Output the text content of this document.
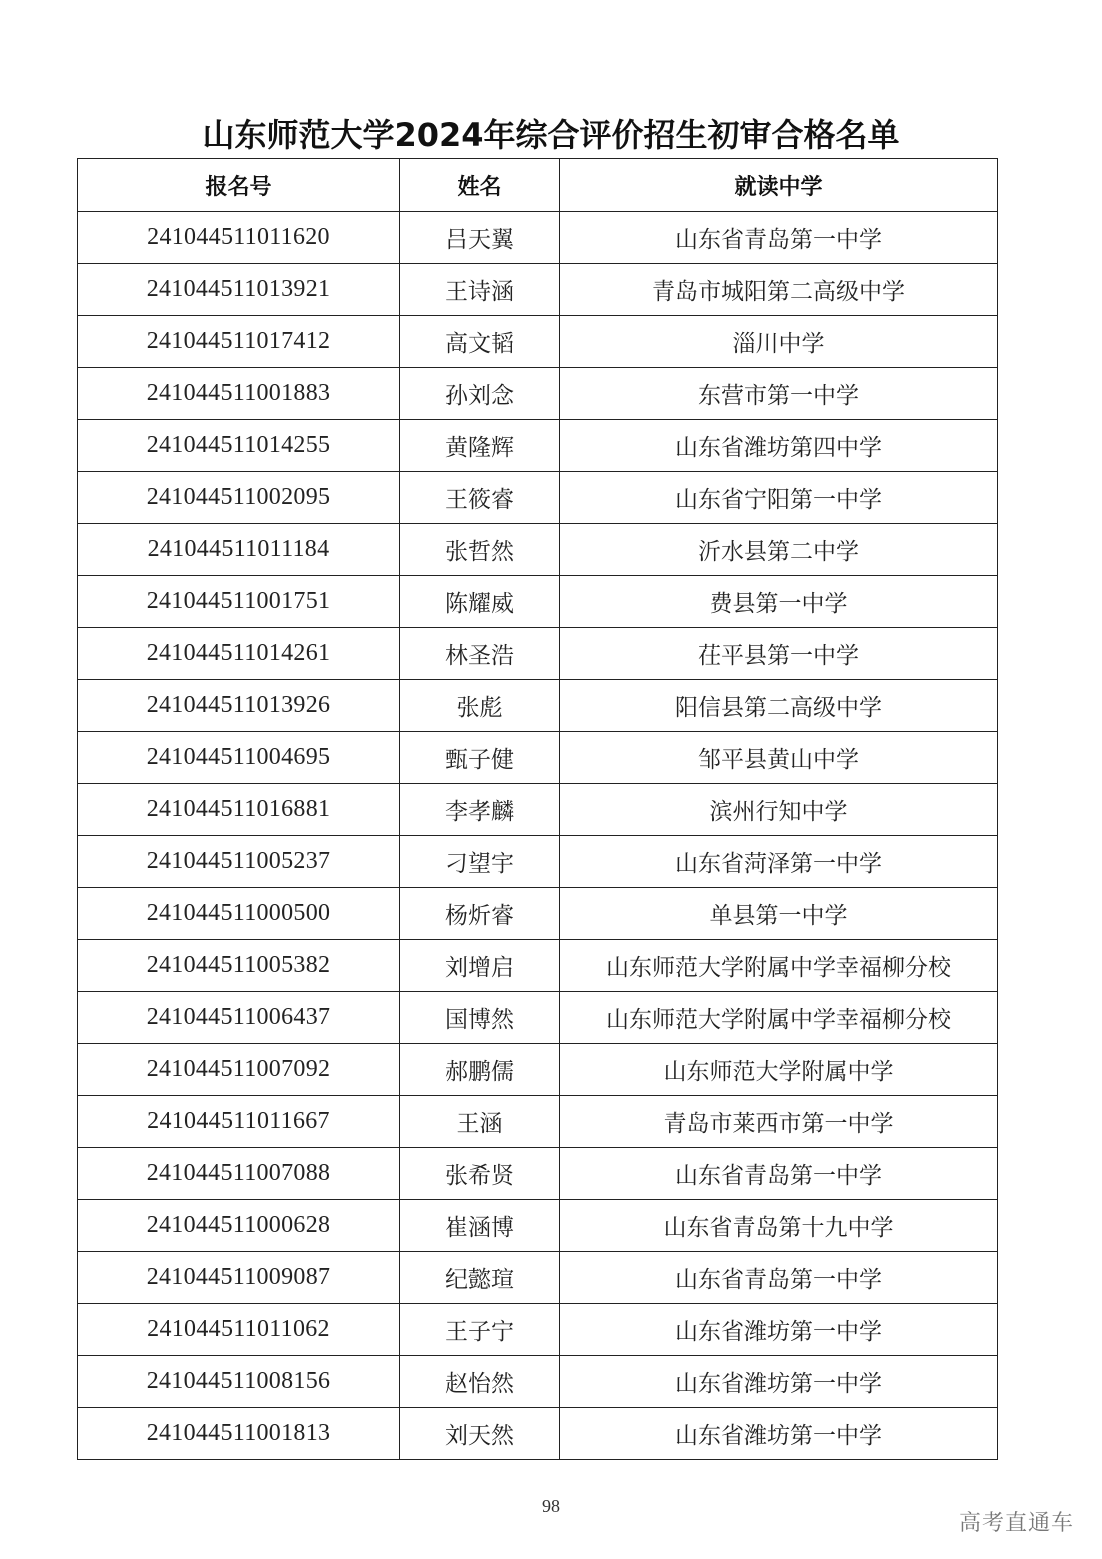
山东师范大学2024年综合评价招生初审合格名单
报名号	姓名	就读中学
241044511011620	吕天翼	山东省青岛第一中学
241044511013921	王诗涵	青岛市城阳第二高级中学
241044511017412	高文韬	淄川中学
241044511001883	孙刘念	东营市第一中学
241044511014255	黄隆辉	山东省潍坊第四中学
241044511002095	王筱睿	山东省宁阳第一中学
241044511011184	张哲然	沂水县第二中学
241044511001751	陈耀威	费县第一中学
241044511014261	林圣浩	茌平县第一中学
241044511013926	张彪	阳信县第二高级中学
241044511004695	甄子健	邹平县黄山中学
241044511016881	李孝麟	滨州行知中学
241044511005237	刁望宇	山东省菏泽第一中学
241044511000500	杨炘睿	单县第一中学
241044511005382	刘增启	山东师范大学附属中学幸福柳分校
241044511006437	国博然	山东师范大学附属中学幸福柳分校
241044511007092	郝鹏儒	山东师范大学附属中学
241044511011667	王涵	青岛市莱西市第一中学
241044511007088	张希贤	山东省青岛第一中学
241044511000628	崔涵博	山东省青岛第十九中学
241044511009087	纪懿瑄	山东省青岛第一中学
241044511011062	王子宁	山东省潍坊第一中学
241044511008156	赵怡然	山东省潍坊第一中学
241044511001813	刘天然	山东省潍坊第一中学
98
高考直通车
